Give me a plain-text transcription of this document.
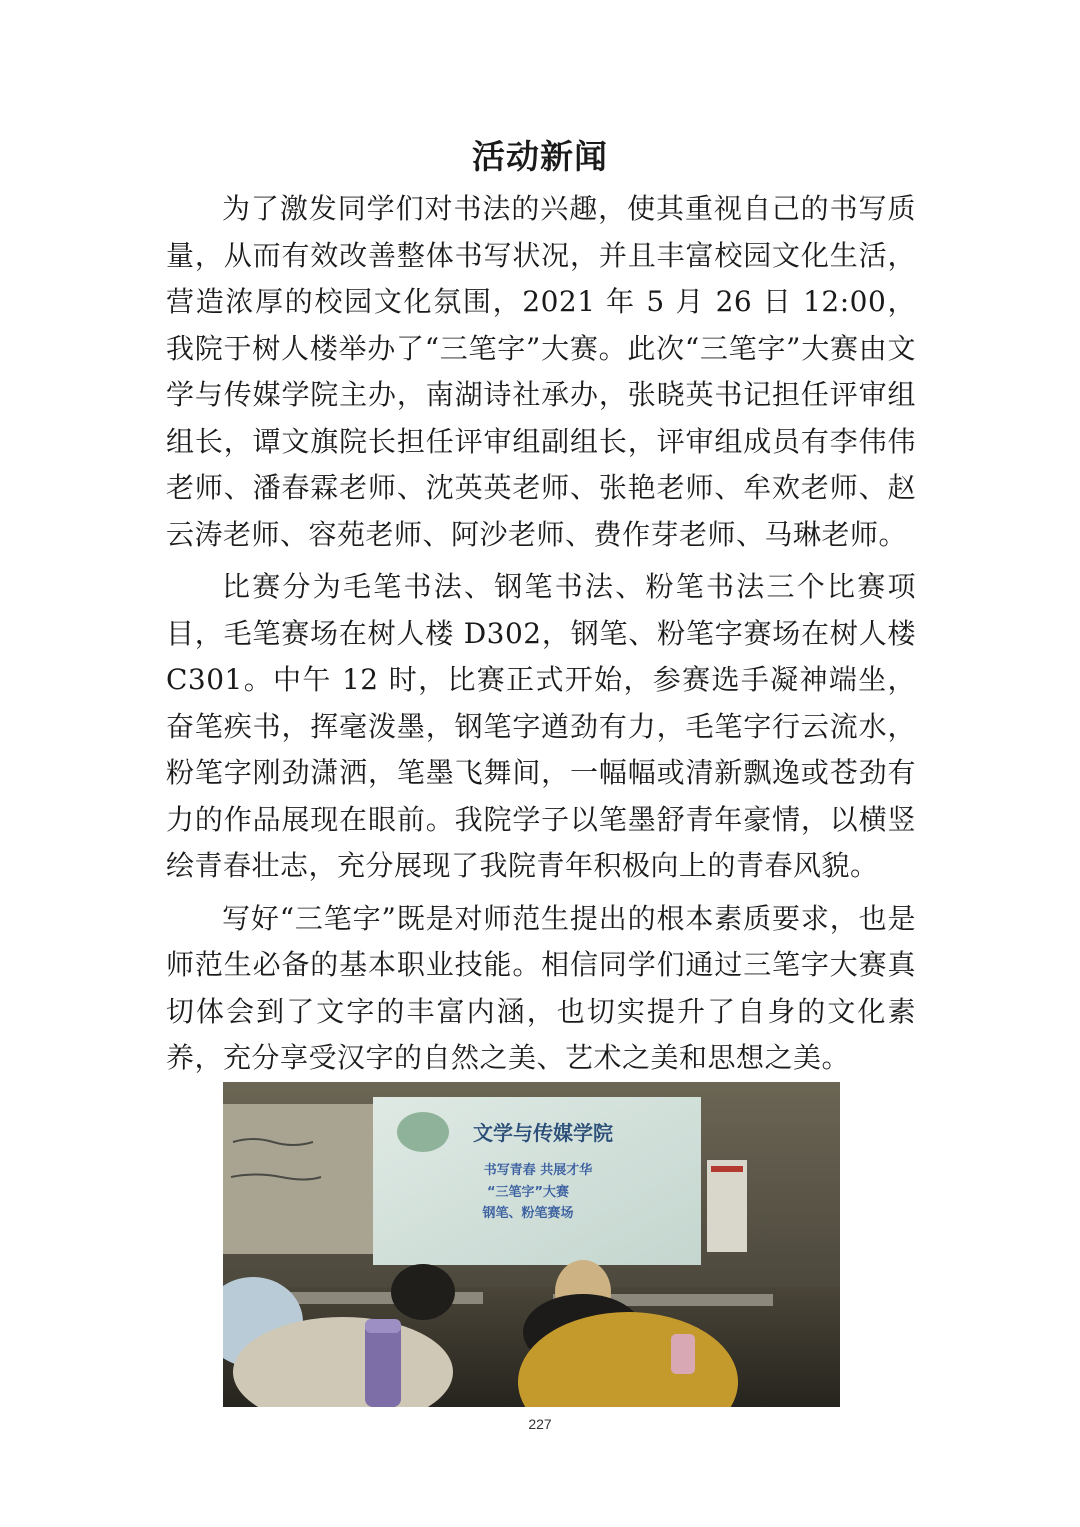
活动新闻

为了激发同学们对书法的兴趣，使其重视自己的书写质量，从而有效改善整体书写状况，并且丰富校园文化生活，营造浓厚的校园文化氛围，2021 年 5 月 26 日 12:00，我院于树人楼举办了“三笔字”大赛。此次“三笔字”大赛由文学与传媒学院主办，南湖诗社承办，张晓英书记担任评审组组长，谭文旗院长担任评审组副组长，评审组成员有李伟伟老师、潘春霖老师、沈英英老师、张艳老师、牟欢老师、赵云涛老师、容苑老师、阿沙老师、费作芽老师、马琳老师。

比赛分为毛笔书法、钢笔书法、粉笔书法三个比赛项目，毛笔赛场在树人楼 D302，钢笔、粉笔字赛场在树人楼 C301。中午 12 时，比赛正式开始，参赛选手凝神端坐，奋笔疾书，挥毫泼墨，钢笔字遒劲有力，毛笔字行云流水，粉笔字刚劲潇洒，笔墨飞舞间，一幅幅或清新飘逸或苍劲有力的作品展现在眼前。我院学子以笔墨舒青年豪情，以横竖绘青春壮志，充分展现了我院青年积极向上的青春风貌。

写好“三笔字”既是对师范生提出的根本素质要求，也是师范生必备的基本职业技能。相信同学们通过三笔字大赛真切体会到了文字的丰富内涵，也切实提升了自身的文化素养，充分享受汉字的自然之美、艺术之美和思想之美。

文学与传媒学院
书写青春 共展才华
“三笔字”大赛
钢笔、粉笔赛场
227
